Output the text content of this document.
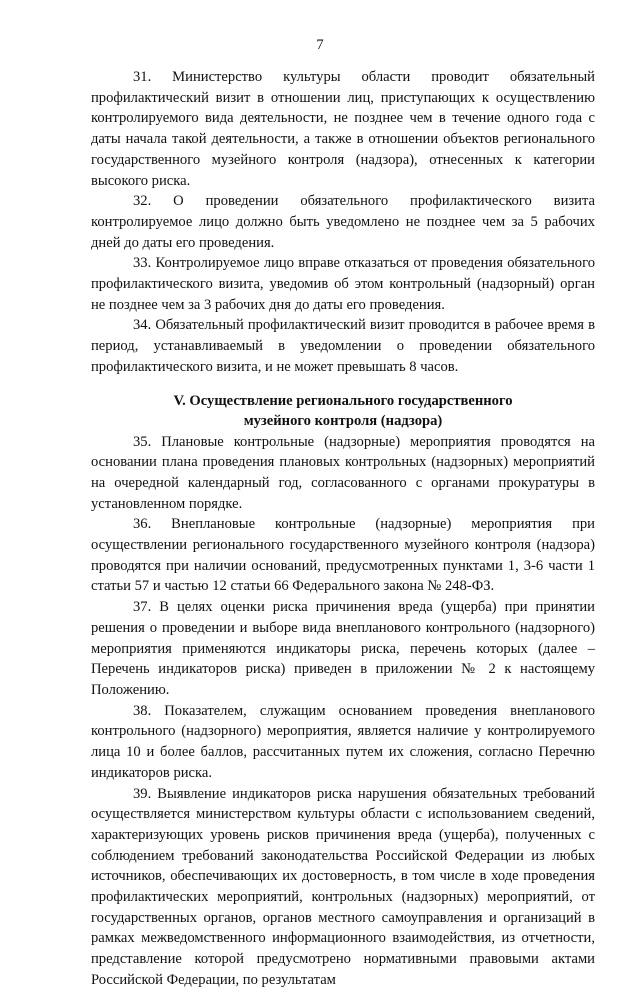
7

31. Министерство культуры области проводит обязательный профилактический визит в отношении лиц, приступающих к осуществлению контролируемого вида деятельности, не позднее чем в течение одного года с даты начала такой деятельности, а также в отношении объектов регионального государственного музейного контроля (надзора), отнесенных к категории высокого риска.

32. О проведении обязательного профилактического визита контролируемое лицо должно быть уведомлено не позднее чем за 5 рабочих дней до даты его проведения.

33. Контролируемое лицо вправе отказаться от проведения обязательного профилактического визита, уведомив об этом контрольный (надзорный) орган не позднее чем за 3 рабочих дня до даты его проведения.

34. Обязательный профилактический визит проводится в рабочее время в период, устанавливаемый в уведомлении о проведении обязательного профилактического визита, и не может превышать 8 часов.

V. Осуществление регионального государственного
музейного контроля (надзора)

35. Плановые контрольные (надзорные) мероприятия проводятся на основании плана проведения плановых контрольных (надзорных) мероприятий на очередной календарный год, согласованного с органами прокуратуры в установленном порядке.

36. Внеплановые контрольные (надзорные) мероприятия при осуществлении регионального государственного музейного контроля (надзора) проводятся при наличии оснований, предусмотренных пунктами 1, 3-6 части 1 статьи 57 и частью 12 статьи 66 Федерального закона № 248-ФЗ.

37. В целях оценки риска причинения вреда (ущерба) при принятии решения о проведении и выборе вида внепланового контрольного (надзорного) мероприятия применяются индикаторы риска, перечень которых (далее – Перечень индикаторов риска) приведен в приложении № 2 к настоящему Положению.

38. Показателем, служащим основанием проведения внепланового контрольного (надзорного) мероприятия, является наличие у контролируемого лица 10 и более баллов, рассчитанных путем их сложения, согласно Перечню индикаторов риска.

39. Выявление индикаторов риска нарушения обязательных требований осуществляется министерством культуры области с использованием сведений, характеризующих уровень рисков причинения вреда (ущерба), полученных с соблюдением требований законодательства Российской Федерации из любых источников, обеспечивающих их достоверность, в том числе в ходе проведения профилактических мероприятий, контрольных (надзорных) мероприятий, от государственных органов, органов местного самоуправления и организаций в рамках межведомственного информационного взаимодействия, из отчетности, представление которой предусмотрено нормативными правовыми актами Российской Федерации, по результатам
